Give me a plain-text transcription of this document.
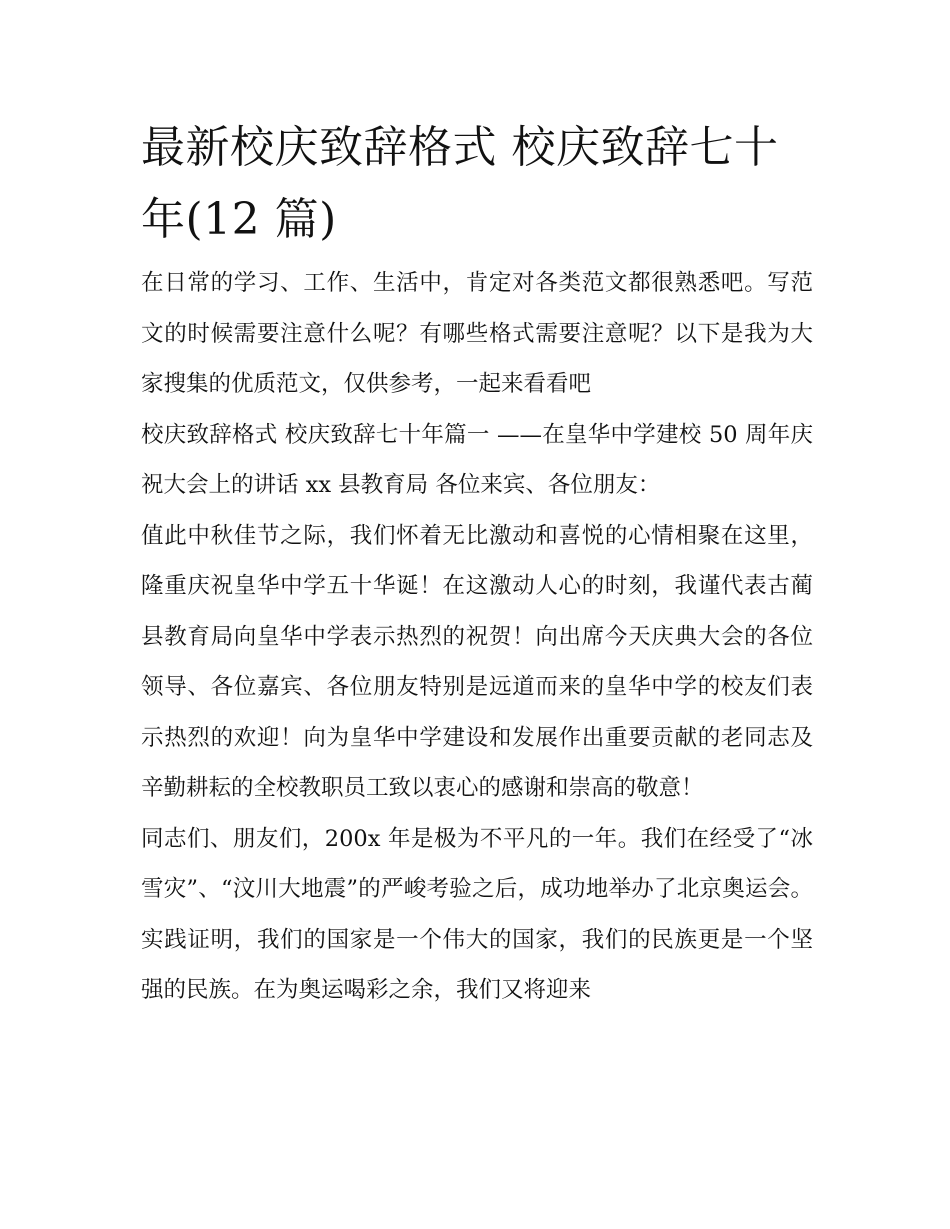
最新校庆致辞格式 校庆致辞七十年(12 篇)

在日常的学习、工作、生活中，肯定对各类范文都很熟悉吧。写范文的时候需要注意什么呢？有哪些格式需要注意呢？以下是我为大家搜集的优质范文，仅供参考，一起来看看吧

校庆致辞格式 校庆致辞七十年篇一 ——在皇华中学建校 50 周年庆祝大会上的讲话 xx 县教育局 各位来宾、各位朋友：

值此中秋佳节之际，我们怀着无比激动和喜悦的心情相聚在这里，隆重庆祝皇华中学五十华诞！在这激动人心的时刻，我谨代表古蔺县教育局向皇华中学表示热烈的祝贺！向出席今天庆典大会的各位领导、各位嘉宾、各位朋友特别是远道而来的皇华中学的校友们表示热烈的欢迎！向为皇华中学建设和发展作出重要贡献的老同志及辛勤耕耘的全校教职员工致以衷心的感谢和崇高的敬意！

同志们、朋友们，200x 年是极为不平凡的一年。我们在经受了“冰雪灾”、“汶川大地震”的严峻考验之后，成功地举办了北京奥运会。实践证明，我们的国家是一个伟大的国家，我们的民族更是一个坚强的民族。在为奥运喝彩之余，我们又将迎来
